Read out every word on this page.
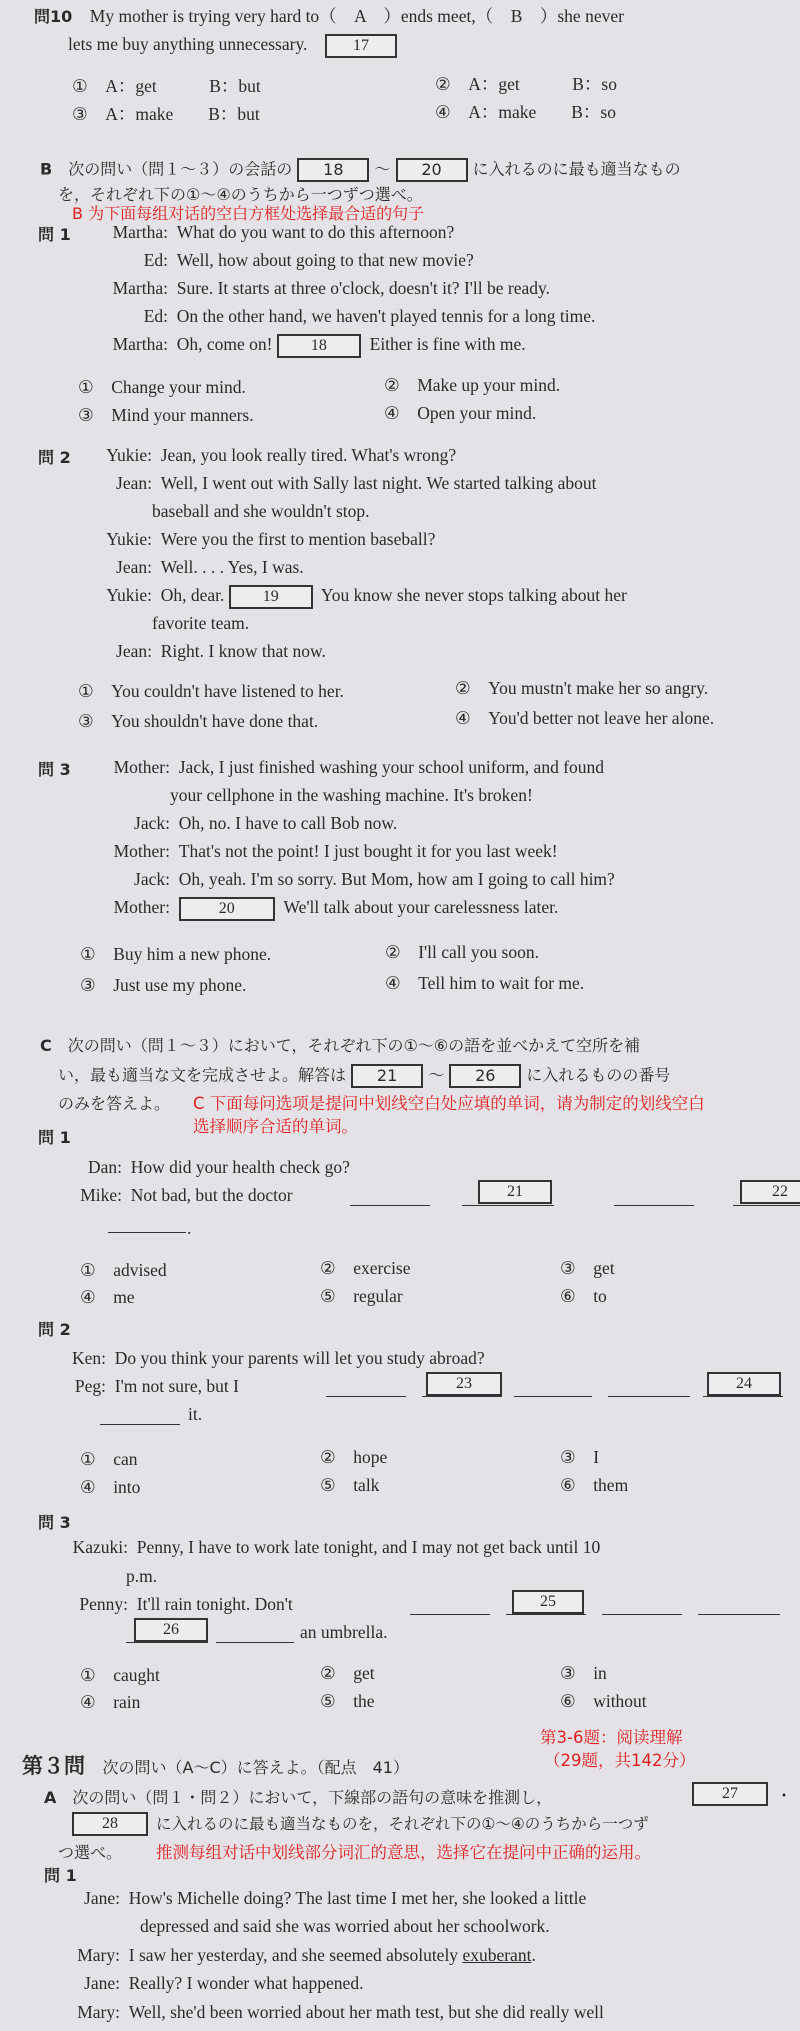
問10　 My mother is trying very hard to（　A　）ends meet,（　B　）she never
lets me buy anything unnecessary.　	17
①　A：get　　　B：but	②　A：get　　　B：so
③　A：make　　B：but	④　A：make　　B：so
B　 次の問い（問１～３）の会話の 18 ～ 20 に入れるのに最も適当なもの
を，それぞれ下の①～④のうちから一つずつ選べ。
B 为下面每组对话的空白方框处选择最合适的句子
問 1	Martha: What do you want to do this afternoon?
Ed: Well, how about going to that new movie?
Martha: Sure. It starts at three o'clock, doesn't it? I'll be ready.
Ed: On the other hand, we haven't played tennis for a long time.
Martha: Oh, come on! 18 Either is fine with me.
①　Change your mind.	②　Make up your mind.
③　Mind your manners.	④　Open your mind.
問 2	Yukie: Jean, you look really tired. What's wrong?
Jean: Well, I went out with Sally last night. We started talking about
baseball and she wouldn't stop.
Yukie: Were you the first to mention baseball?
Jean: Well. . . . Yes, I was.
Yukie: Oh, dear. 19 You know she never stops talking about her
favorite team.
Jean: Right. I know that now.
①　You couldn't have listened to her.	②　You mustn't make her so angry.
③　You shouldn't have done that.	④　You'd better not leave her alone.
問 3	Mother: Jack, I just finished washing your school uniform, and found
your cellphone in the washing machine. It's broken!
Jack: Oh, no. I have to call Bob now.
Mother: That's not the point! I just bought it for you last week!
Jack: Oh, yeah. I'm so sorry. But Mom, how am I going to call him?
Mother:	20	We'll talk about your carelessness later.
①　Buy him a new phone.	②　I'll call you soon.
③　Just use my phone.	④　Tell him to wait for me.
C　 次の問い（問１～３）において，それぞれ下の①～⑥の語を並べかえて空所を補
い，最も適当な文を完成させよ。解答は 21 ～ 26 に入れるものの番号
のみを答えよ。 C 下面每问选项是提问中划线空白处应填的单词，请为制定的划线空白
选择顺序合适的单词。
問 1
Dan: How did your health check go?
Mike: Not bad, but the doctor	21	22
.
①　advised	②　exercise	③　get
④　me	⑤　regular	⑥　to
問 2
Ken: Do you think your parents will let you study abroad?
Peg: I'm not sure, but I	23	24
it.
①　can	②　hope	③　I
④　into	⑤　talk	⑥　them
問 3
Kazuki: Penny, I have to work late tonight, and I may not get back until 10
p.m.
Penny: It'll rain tonight. Don't	25
26	an umbrella.
①　caught	②　get	③　in
④　rain	⑤　the	⑥　without
第３問　 次の問い（A～C）に答えよ。（配点　41）
第3-6题：阅读理解
（29题，共142分）
A　 次の問い（問１・問２）において，下線部の語句の意味を推測し，	27	・
28	に入れるのに最も適当なものを，それぞれ下の①～④のうちから一つず
つ選べ。 推测每组对话中划线部分词汇的意思，选择它在提问中正确的运用。
問 1
Jane: How's Michelle doing? The last time I met her, she looked a little
depressed and said she was worried about her schoolwork.
Mary: I saw her yesterday, and she seemed absolutely exuberant.
Jane: Really? I wonder what happened.
Mary: Well, she'd been worried about her math test, but she did really well
